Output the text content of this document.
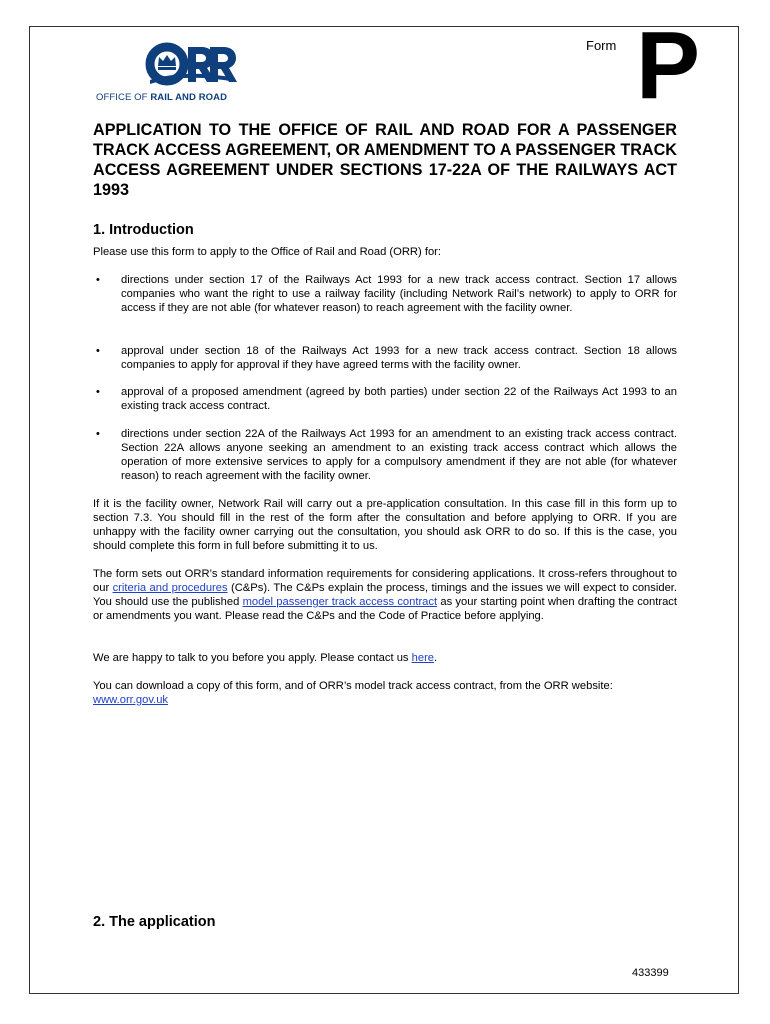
OFFICE OF RAIL AND ROAD
Form P
APPLICATION TO THE OFFICE OF RAIL AND ROAD FOR A PASSENGER TRACK ACCESS AGREEMENT, OR AMENDMENT TO A PASSENGER TRACK ACCESS AGREEMENT UNDER SECTIONS 17-22A OF THE RAILWAYS ACT 1993
1. Introduction

Please use this form to apply to the Office of Rail and Road (ORR) for:

• directions under section 17 of the Railways Act 1993 for a new track access contract. Section 17 allows companies who want the right to use a railway facility (including Network Rail’s network) to apply to ORR for access if they are not able (for whatever reason) to reach agreement with the facility owner.

• approval under section 18 of the Railways Act 1993 for a new track access contract. Section 18 allows companies to apply for approval if they have agreed terms with the facility owner.

• approval of a proposed amendment (agreed by both parties) under section 22 of the Railways Act 1993 to an existing track access contract.

• directions under section 22A of the Railways Act 1993 for an amendment to an existing track access contract. Section 22A allows anyone seeking an amendment to an existing track access contract which allows the operation of more extensive services to apply for a compulsory amendment if they are not able (for whatever reason) to reach agreement with the facility owner.

If it is the facility owner, Network Rail will carry out a pre-application consultation. In this case fill in this form up to section 7.3. You should fill in the rest of the form after the consultation and before applying to ORR. If you are unhappy with the facility owner carrying out the consultation, you should ask ORR to do so. If this is the case, you should complete this form in full before submitting it to us.

The form sets out ORR’s standard information requirements for considering applications. It cross-refers throughout to our criteria and procedures (C&Ps). The C&Ps explain the process, timings and the issues we will expect to consider. You should use the published model passenger track access contract as your starting point when drafting the contract or amendments you want. Please read the C&Ps and the Code of Practice before applying.

We are happy to talk to you before you apply. Please contact us here.

You can download a copy of this form, and of ORR’s model track access contract, from the ORR website: www.orr.gov.uk

2. The application
433399
